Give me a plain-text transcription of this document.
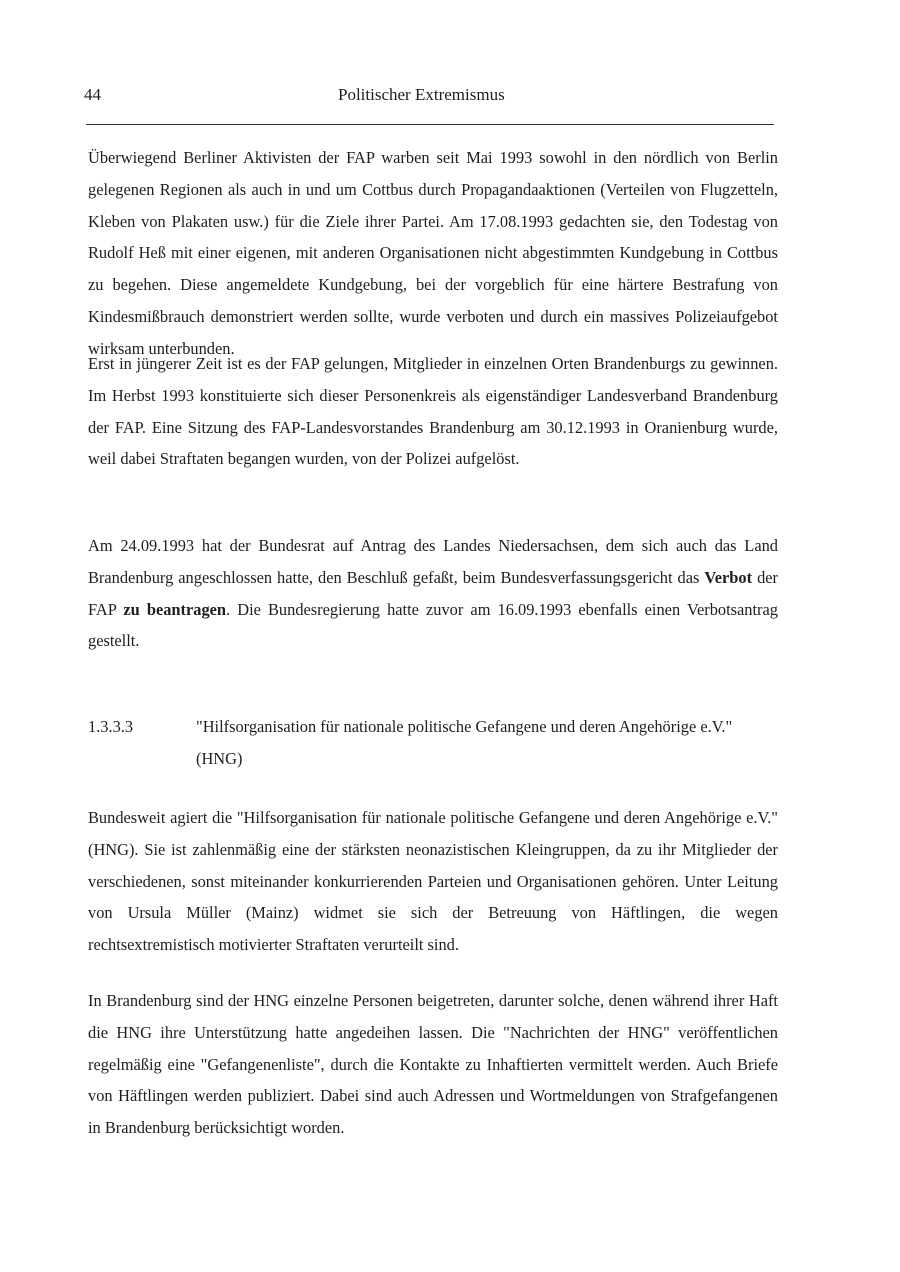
44	Politischer Extremismus

Überwiegend Berliner Aktivisten der FAP warben seit Mai 1993 sowohl in den nördlich von Berlin gelegenen Regionen als auch in und um Cottbus durch Propagandaaktionen (Verteilen von Flugzetteln, Kleben von Plakaten usw.) für die Ziele ihrer Partei. Am 17.08.1993 gedachten sie, den Todestag von Rudolf Heß mit einer eigenen, mit anderen Organisationen nicht abgestimmten Kundgebung in Cottbus zu begehen. Diese angemeldete Kundgebung, bei der vorgeblich für eine härtere Bestrafung von Kindesmißbrauch demonstriert werden sollte, wurde verboten und durch ein massives Polizeiaufgebot wirksam unterbunden.

Erst in jüngerer Zeit ist es der FAP gelungen, Mitglieder in einzelnen Orten Brandenburgs zu gewinnen. Im Herbst 1993 konstituierte sich dieser Personenkreis als eigenständiger Landesverband Brandenburg der FAP. Eine Sitzung des FAP-Landesvorstandes Brandenburg am 30.12.1993 in Oranienburg wurde, weil dabei Straftaten begangen wurden, von der Polizei aufgelöst.

Am 24.09.1993 hat der Bundesrat auf Antrag des Landes Niedersachsen, dem sich auch das Land Brandenburg angeschlossen hatte, den Beschluß gefaßt, beim Bundesverfassungsgericht das Verbot der FAP zu beantragen. Die Bundesregierung hatte zuvor am 16.09.1993 ebenfalls einen Verbotsantrag gestellt.

1.3.3.3	"Hilfsorganisation für nationale politische Gefangene und deren Angehörige e.V." (HNG)

Bundesweit agiert die "Hilfsorganisation für nationale politische Gefangene und deren Angehörige e.V." (HNG). Sie ist zahlenmäßig eine der stärksten neonazistischen Kleingruppen, da zu ihr Mitglieder der verschiedenen, sonst miteinander konkurrierenden Parteien und Organisationen gehören. Unter Leitung von Ursula Müller (Mainz) widmet sie sich der Betreuung von Häftlingen, die wegen rechtsextremistisch motivierter Straftaten verurteilt sind.

In Brandenburg sind der HNG einzelne Personen beigetreten, darunter solche, denen während ihrer Haft die HNG ihre Unterstützung hatte angedeihen lassen. Die "Nachrichten der HNG" veröffentlichen regelmäßig eine "Gefangenenliste", durch die Kontakte zu Inhaftierten vermittelt werden. Auch Briefe von Häftlingen werden publiziert. Dabei sind auch Adressen und Wortmeldungen von Strafgefangenen in Brandenburg berücksichtigt worden.
